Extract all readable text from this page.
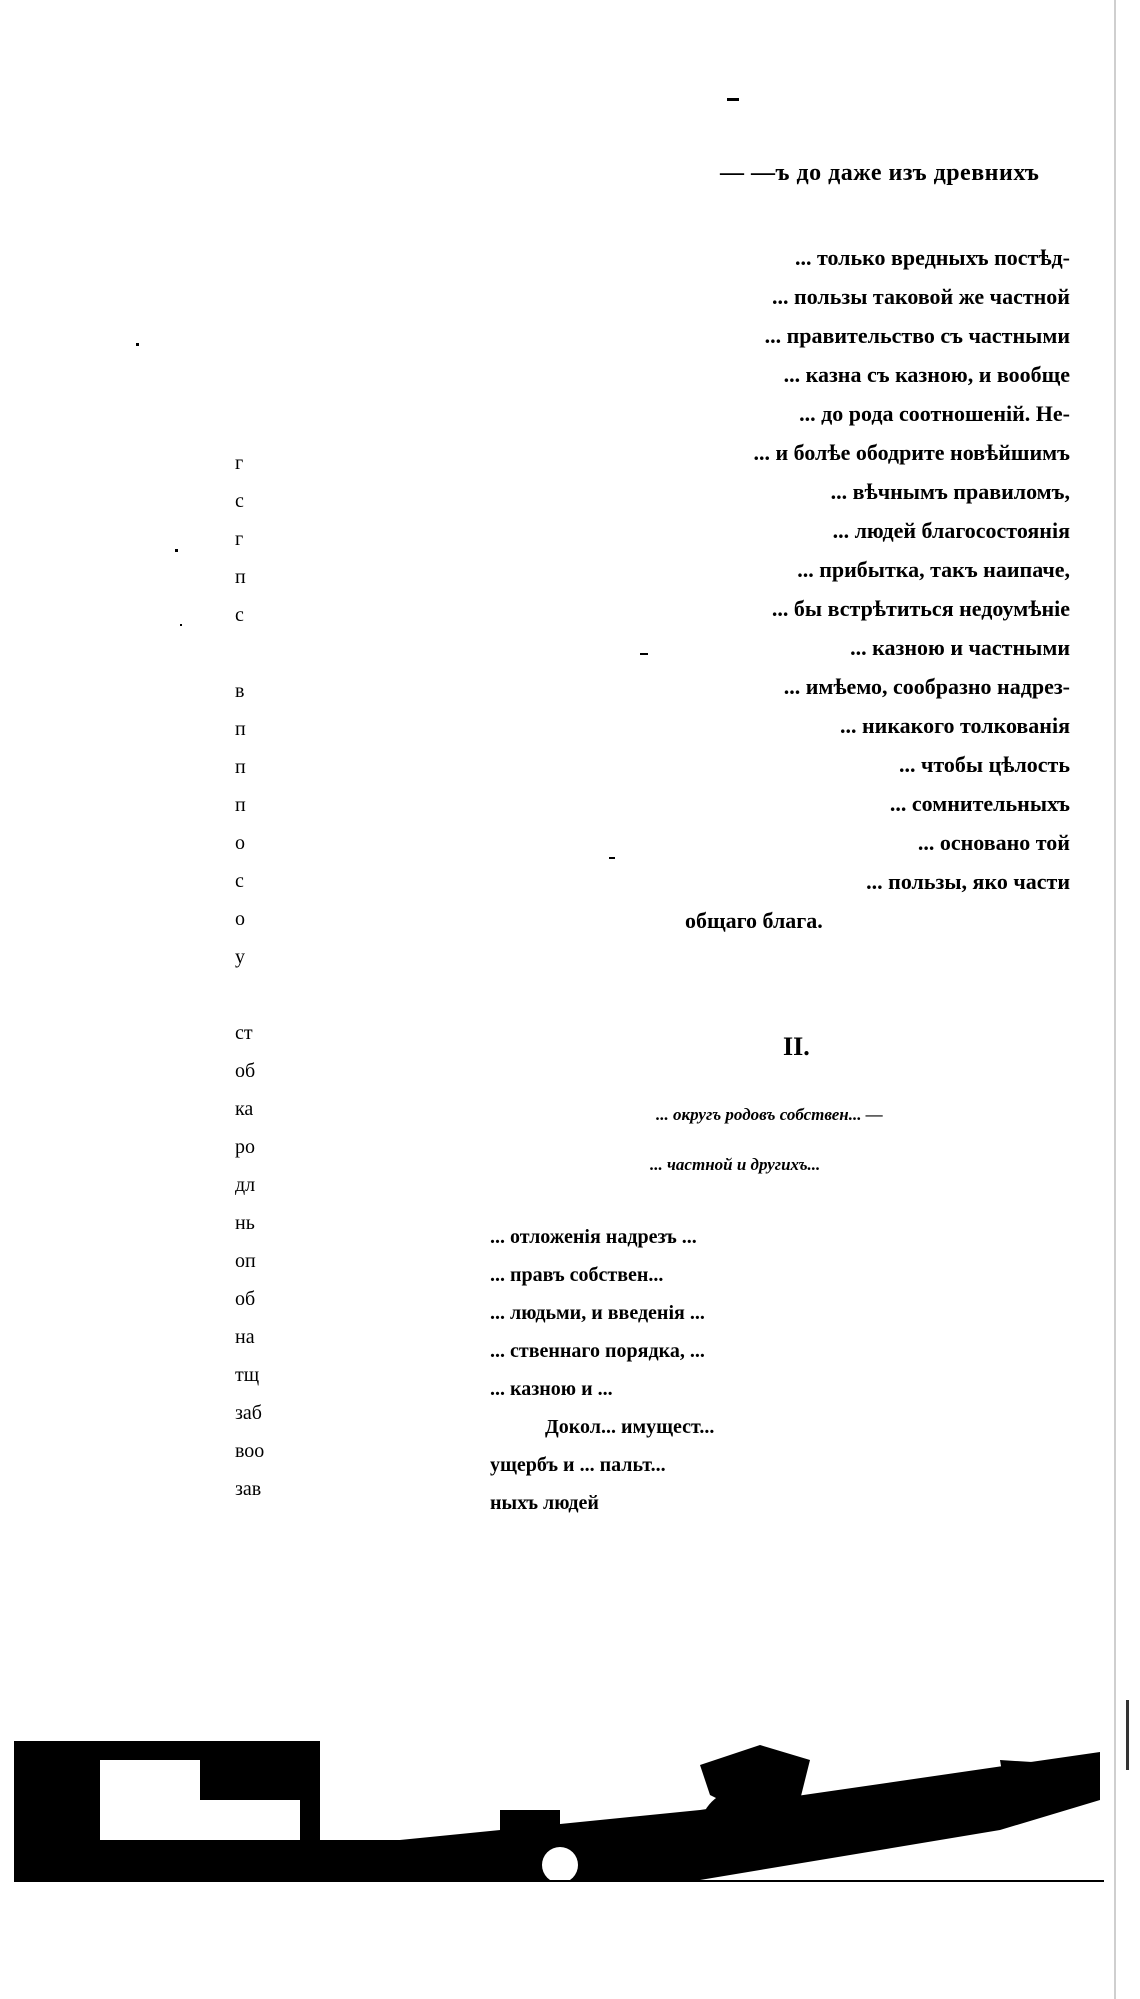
— —ъ до даже изъ древнихъ
... только вредныхъ постѣд-
... пользы таковой же частной
... правительство съ частными
... казна съ казною, и вообще
... до рода соотношеній. Не-
... и болѣе ободрите новѣйшимъ
... вѣчнымъ правиломъ,
... людей благосостоянія
... прибытка, такъ наипаче,
... бы встрѣтиться недоумѣніе
... казною и частными
... имѣемо, сообразно надрез-
... никакого толкованія
... чтобы цѣлость
... сомнительныхъ
... основано той
... пользы, яко части
общаго блага.
г
с
г
п
с
в
п
п
п
о
с
о
у
ст
об
ка
ро
дл
нь
оп
об
на
тщ
заб
воо
зав
II.
... округъ родовъ собствен... —
... частной и другихъ...
... отложенія надрезъ ...
... правъ собствен...
... людьми, и введенія ...
... ственнаго порядка, ...
... казною и ...
Докол... имущест...
ущербъ и ... пальт...
ныхъ людей
